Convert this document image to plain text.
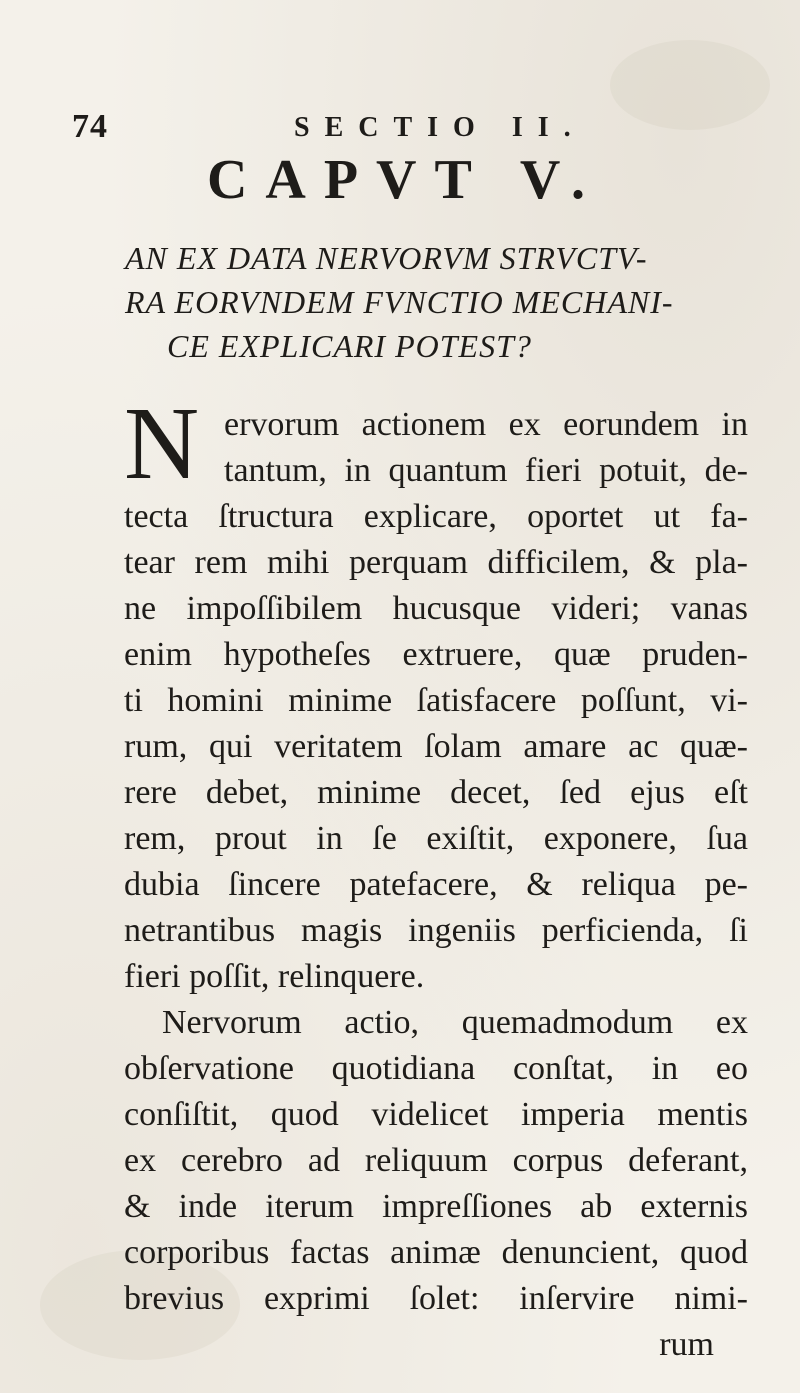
74	SECTIO II.
CAPVT V.
AN EX DATA NERVORVM STRVCTV-
RA EORVNDEM FVNCTIO MECHANI-
CE EXPLICARI POTEST?
N ervorum actionem ex eorundem in
tantum, in quantum fieri potuit, de-
tecta ſtructura explicare, oportet ut fa-
tear rem mihi perquam difficilem, & pla-
ne impoſſibilem hucusque videri; vanas
enim hypotheſes extruere, quæ pruden-
ti homini minime ſatisfacere poſſunt, vi-
rum, qui veritatem ſolam amare ac quæ-
rere debet, minime decet, ſed ejus eſt
rem, prout in ſe exiſtit, exponere, ſua
dubia ſincere patefacere, & reliqua pe-
netrantibus magis ingeniis perficienda, ſi
fieri poſſit, relinquere.
Nervorum actio, quemadmodum ex
obſervatione quotidiana conſtat, in eo
conſiſtit, quod videlicet imperia mentis
ex cerebro ad reliquum corpus deferant,
& inde iterum impreſſiones ab externis
corporibus factas animæ denuncient, quod
brevius exprimi ſolet: inſervire nimi-
rum
